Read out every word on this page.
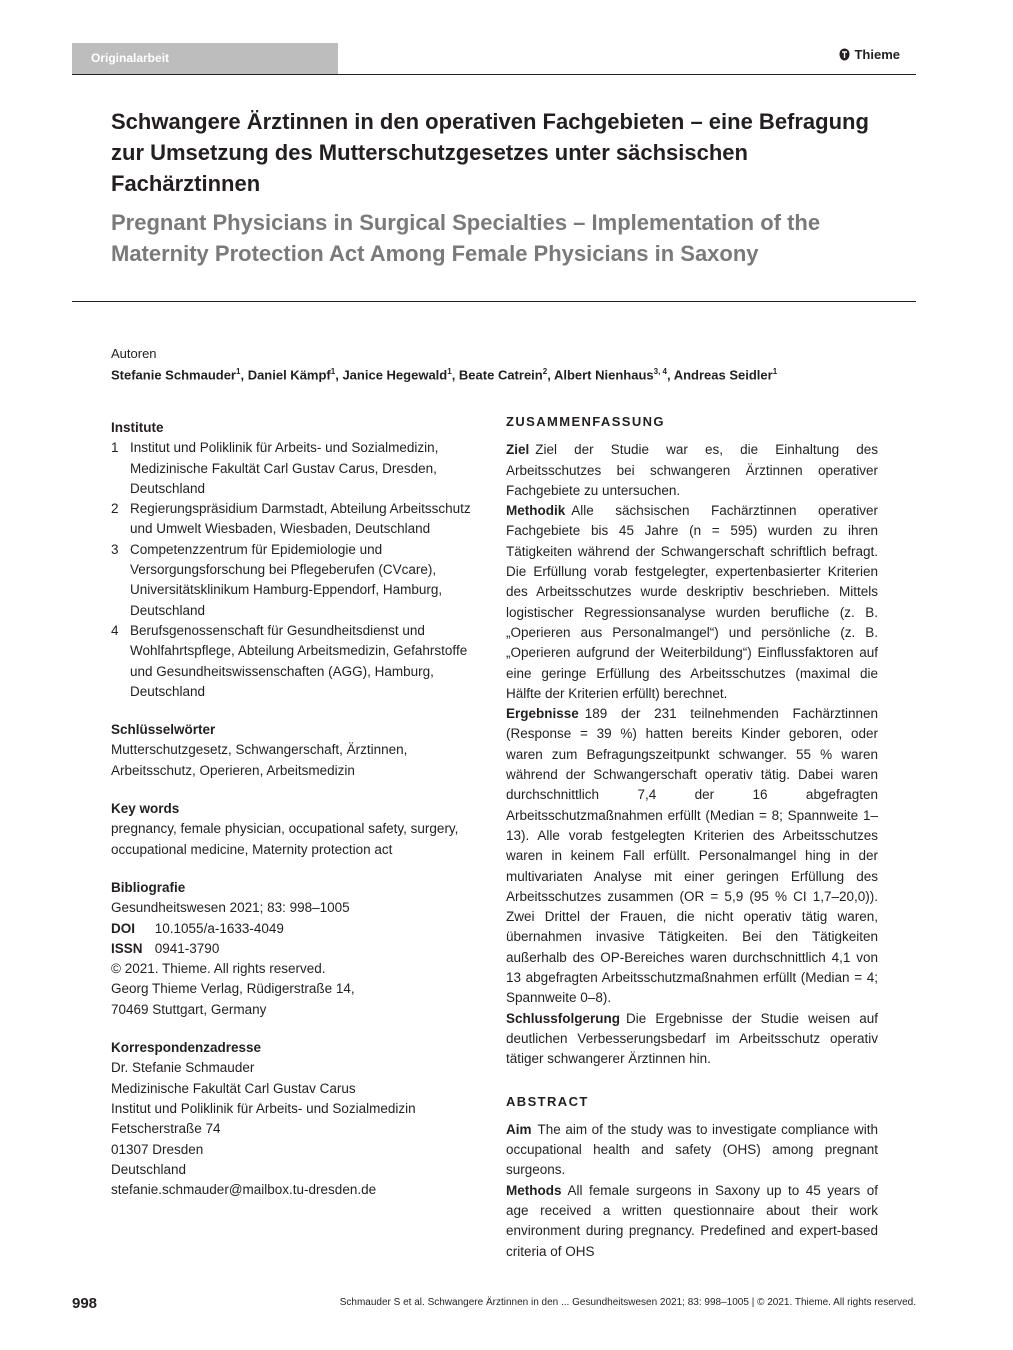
Originalarbeit	Thieme
Schwangere Ärztinnen in den operativen Fachgebieten – eine Befragung zur Umsetzung des Mutterschutzgesetzes unter sächsischen Fachärztinnen
Pregnant Physicians in Surgical Specialties – Implementation of the Maternity Protection Act Among Female Physicians in Saxony
Autoren
Stefanie Schmauder$^1$, Daniel Kämpf$^1$, Janice Hegewald$^1$, Beate Catrein$^2$, Albert Nienhaus$^{3, 4}$, Andreas Seidler$^1$
Institute
1 Institut und Poliklinik für Arbeits- und Sozialmedizin, Medizinische Fakultät Carl Gustav Carus, Dresden, Deutschland
2 Regierungspräsidium Darmstadt, Abteilung Arbeitsschutz und Umwelt Wiesbaden, Wiesbaden, Deutschland
3 Competenzzentrum für Epidemiologie und Versorgungsforschung bei Pflegeberufen (CVcare), Universitätsklinikum Hamburg-Eppendorf, Hamburg, Deutschland
4 Berufsgenossenschaft für Gesundheitsdienst und Wohlfahrtspflege, Abteilung Arbeitsmedizin, Gefahrstoffe und Gesundheitswissenschaften (AGG), Hamburg, Deutschland
Schlüsselwörter
Mutterschutzgesetz, Schwangerschaft, Ärztinnen, Arbeitsschutz, Operieren, Arbeitsmedizin
Key words
pregnancy, female physician, occupational safety, surgery, occupational medicine, Maternity protection act
Bibliografie
Gesundheitswesen 2021; 83: 998–1005
DOI 10.1055/a-1633-4049
ISSN 0941-3790
© 2021. Thieme. All rights reserved.
Georg Thieme Verlag, Rüdigerstraße 14,
70469 Stuttgart, Germany
Korrespondenzadresse
Dr. Stefanie Schmauder
Medizinische Fakultät Carl Gustav Carus
Institut und Poliklinik für Arbeits- und Sozialmedizin
Fetscherstraße 74
01307 Dresden
Deutschland
stefanie.schmauder@mailbox.tu-dresden.de
ZUSAMMENFASSUNG

Ziel Ziel der Studie war es, die Einhaltung des Arbeitsschutzes bei schwangeren Ärztinnen operativer Fachgebiete zu untersuchen.

Methodik Alle sächsischen Fachärztinnen operativer Fachgebiete bis 45 Jahre (n = 595) wurden zu ihren Tätigkeiten während der Schwangerschaft schriftlich befragt. Die Erfüllung vorab festgelegter, expertenbasierter Kriterien des Arbeitsschutzes wurde deskriptiv beschrieben. Mittels logistischer Regressionsanalyse wurden berufliche (z. B. „Operieren aus Personalmangel“) und persönliche (z. B. „Operieren aufgrund der Weiterbildung“) Einflussfaktoren auf eine geringe Erfüllung des Arbeitsschutzes (maximal die Hälfte der Kriterien erfüllt) berechnet.

Ergebnisse 189 der 231 teilnehmenden Fachärztinnen (Response = 39 %) hatten bereits Kinder geboren, oder waren zum Befragungszeitpunkt schwanger. 55 % waren während der Schwangerschaft operativ tätig. Dabei waren durchschnittlich 7,4 der 16 abgefragten Arbeitsschutzmaßnahmen erfüllt (Median = 8; Spannweite 1–13). Alle vorab festgelegten Kriterien des Arbeitsschutzes waren in keinem Fall erfüllt. Personalmangel hing in der multivariaten Analyse mit einer geringen Erfüllung des Arbeitsschutzes zusammen (OR = 5,9 (95 % CI 1,7–20,0)). Zwei Drittel der Frauen, die nicht operativ tätig waren, übernahmen invasive Tätigkeiten. Bei den Tätigkeiten außerhalb des OP-Bereiches waren durchschnittlich 4,1 von 13 abgefragten Arbeitsschutzmaßnahmen erfüllt (Median = 4; Spannweite 0–8).

Schlussfolgerung Die Ergebnisse der Studie weisen auf deutlichen Verbesserungsbedarf im Arbeitsschutz operativ tätiger schwangerer Ärztinnen hin.

ABSTRACT

Aim The aim of the study was to investigate compliance with occupational health and safety (OHS) among pregnant surgeons.

Methods All female surgeons in Saxony up to 45 years of age received a written questionnaire about their work environment during pregnancy. Predefined and expert-based criteria of OHS

998	Schmauder S et al. Schwangere Ärztinnen in den ... Gesundheitswesen 2021; 83: 998–1005 | © 2021. Thieme. All rights reserved.
